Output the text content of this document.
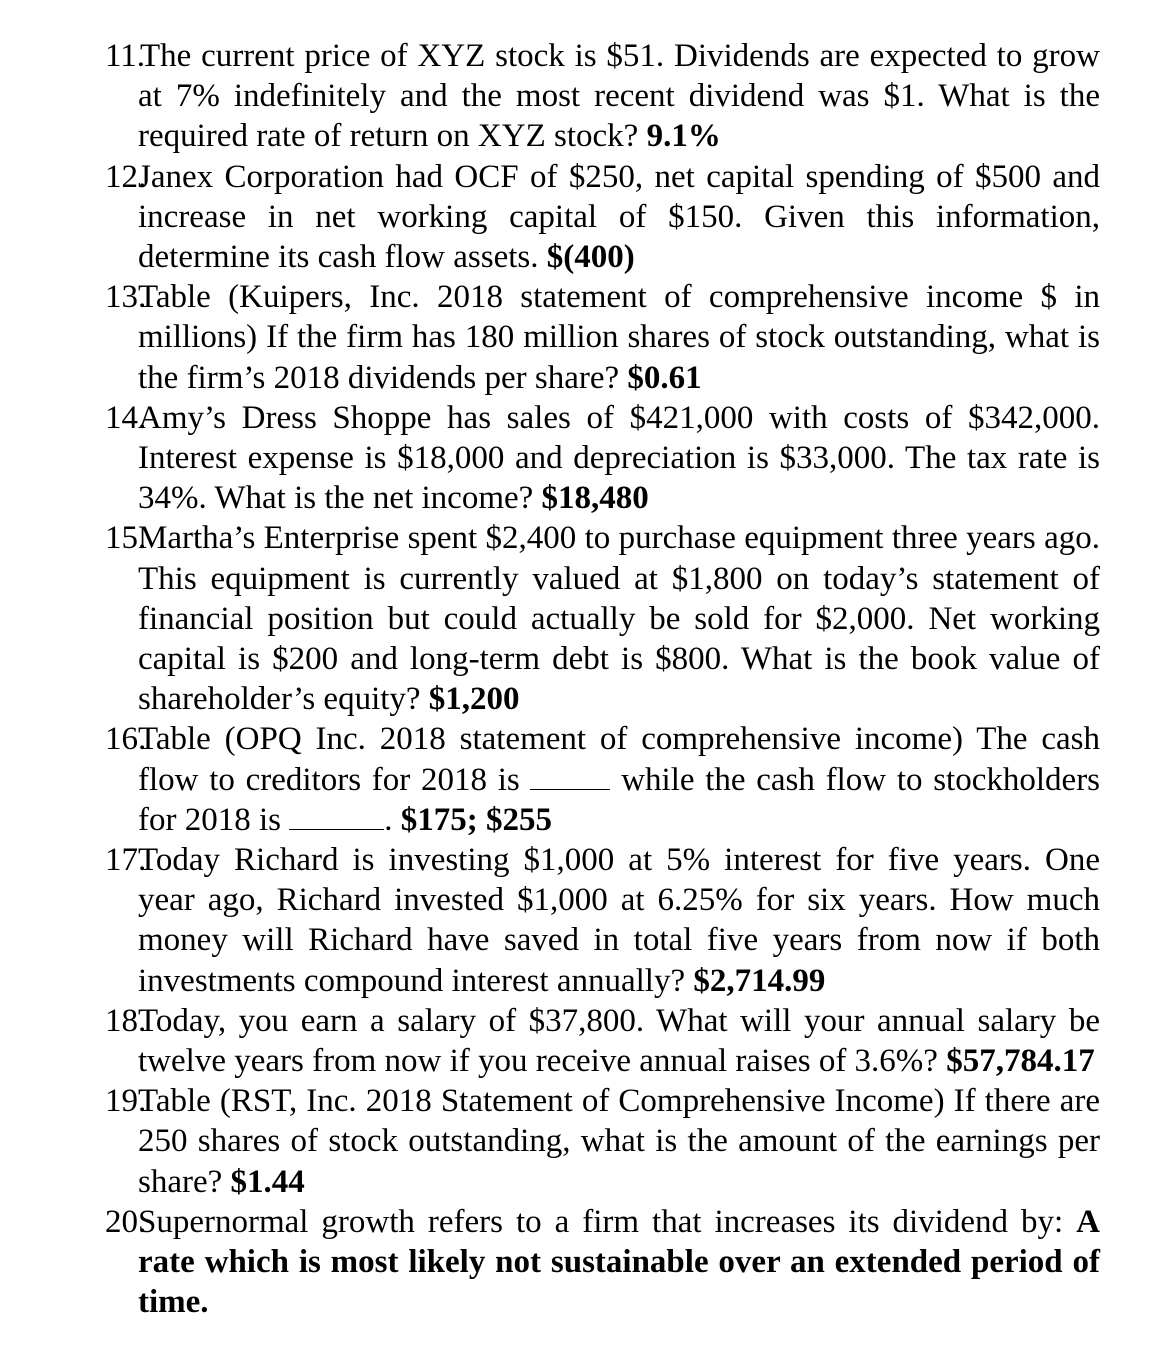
11.
The current price of XYZ stock is $51. Dividends are expected to grow at 7% indefinitely and the most recent dividend was $1. What is the required rate of return on XYZ stock? 9.1%
12.
Janex Corporation had OCF of $250, net capital spending of $500 and increase in net working capital of $150. Given this information, determine its cash flow assets. $(400)
13.
Table (Kuipers, Inc. 2018 statement of comprehensive income $ in millions) If the firm has 180 million shares of stock outstanding, what is the firm’s 2018 dividends per share? $0.61
14.
Amy’s Dress Shoppe has sales of $421,000 with costs of $342,000. Interest expense is $18,000 and depreciation is $33,000. The tax rate is 34%. What is the net income? $18,480
15.
Martha’s Enterprise spent $2,400 to purchase equipment three years ago. This equipment is currently valued at $1,800 on today’s statement of financial position but could actually be sold for $2,000. Net working capital is $200 and long-term debt is $800. What is the book value of shareholder’s equity? $1,200
16.
Table (OPQ Inc. 2018 statement of comprehensive income) The cash flow to creditors for 2018 is	while the cash flow to stockholders for 2018 is	. $175; $255
17.
Today Richard is investing $1,000 at 5% interest for five years. One year ago, Richard invested $1,000 at 6.25% for six years. How much money will Richard have saved in total five years from now if both investments compound interest annually? $2,714.99
18.
Today, you earn a salary of $37,800. What will your annual salary be twelve years from now if you receive annual raises of 3.6%? $57,784.17
19.
Table (RST, Inc. 2018 Statement of Comprehensive Income) If there are 250 shares of stock outstanding, what is the amount of the earnings per share? $1.44
20.
Supernormal growth refers to a firm that increases its dividend by: A rate which is most likely not sustainable over an extended period of time.
